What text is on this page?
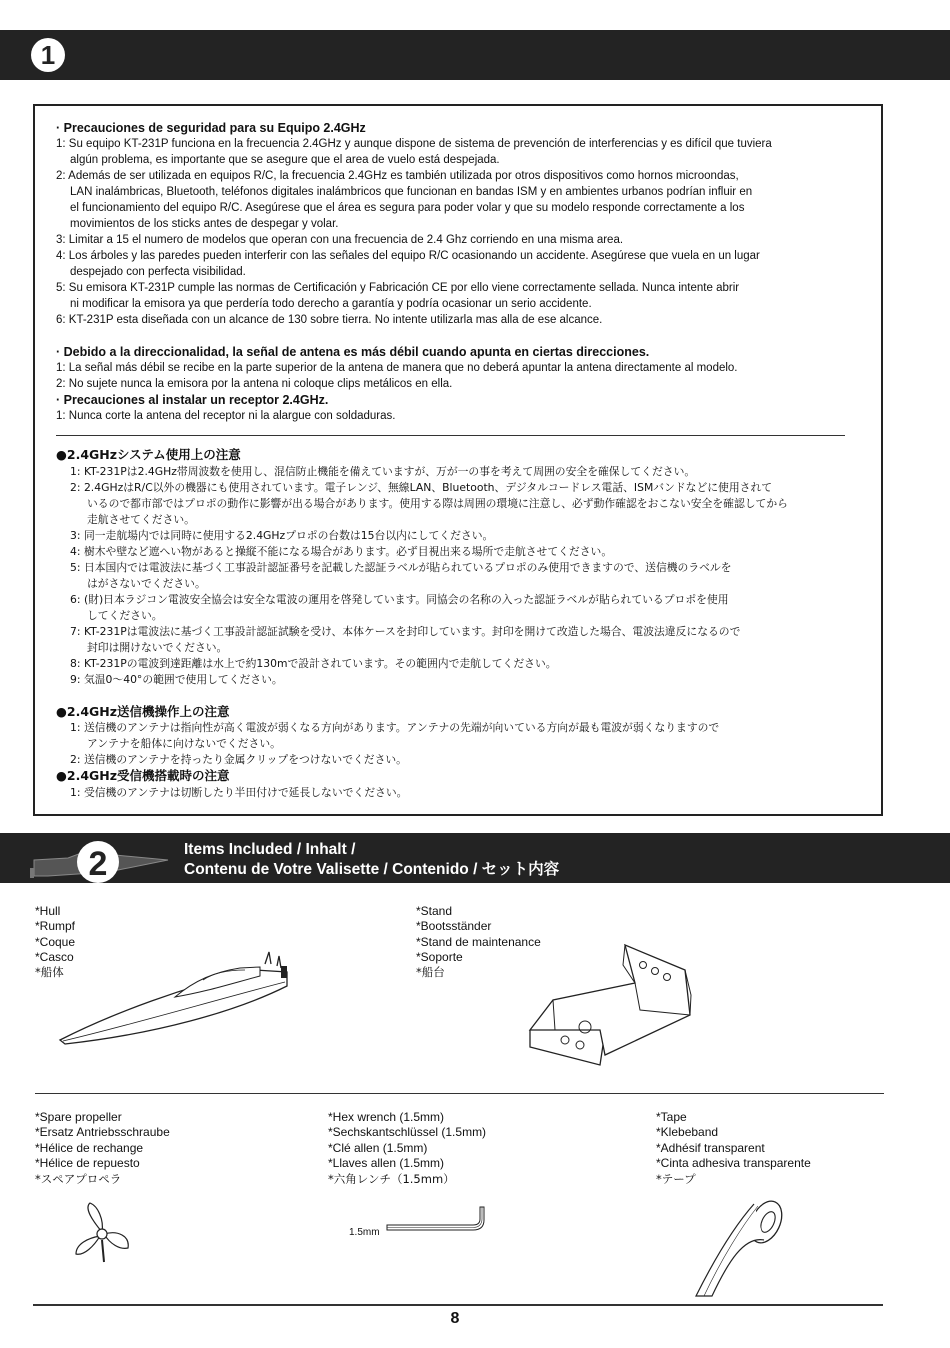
1
· Precauciones de seguridad para su Equipo 2.4GHz
1: Su equipo KT-231P funciona en la frecuencia 2.4GHz y aunque dispone de sistema de prevención de interferencias y es difícil que tuviera
algún problema, es importante que se asegure que el area de vuelo está despejada.
2: Además de ser utilizada en equipos R/C, la frecuencia 2.4GHz es también utilizada por otros dispositivos como hornos microondas,
LAN inalámbricas, Bluetooth, teléfonos digitales inalámbricos que funcionan en bandas ISM y en ambientes urbanos podrían influir en
el funcionamiento del equipo R/C. Asegúrese que el área es segura para poder volar y que su modelo responde correctamente a los
movimientos de los sticks antes de despegar y volar.
3: Limitar a 15 el numero de modelos que operan con una frecuencia de 2.4 Ghz corriendo en una misma area.
4: Los árboles y las paredes pueden interferir con las señales del equipo R/C ocasionando un accidente. Asegúrese que vuela en un lugar
despejado con perfecta visibilidad.
5: Su emisora KT-231P cumple las normas de Certificación y Fabricación CE por ello viene correctamente sellada. Nunca intente abrir
ni modificar la emisora ya que perdería todo derecho a garantía y podría ocasionar un serio accidente.
6: KT-231P esta diseñada con un alcance de 130 sobre tierra. No intente utilizarla mas alla de ese alcance.
· Debido a la direccionalidad, la señal de antena es más débil cuando apunta en ciertas direcciones.
1: La señal más débil se recibe en la parte superior de la antena de manera que no deberá apuntar la antena directamente al modelo.
2: No sujete nunca la emisora por la antena ni coloque clips metálicos en ella.
· Precauciones al instalar un receptor 2.4GHz.
1: Nunca corte la antena del receptor ni la alargue con soldaduras.
●2.4GHzシステム使用上の注意
1: KT-231Pは2.4GHz帯周波数を使用し、混信防止機能を備えていますが、万が一の事を考えて周囲の安全を確保してください。
2: 2.4GHzはR/C以外の機器にも使用されています。電子レンジ、無線LAN、Bluetooth、デジタルコードレス電話、ISMバンドなどに使用されて
いるので都市部ではプロポの動作に影響が出る場合があります。使用する際は周囲の環境に注意し、必ず動作確認をおこない安全を確認してから
走航させてください。
3: 同一走航場内では同時に使用する2.4GHzプロポの台数は15台以内にしてください。
4: 樹木や壁など遮へい物があると操縦不能になる場合があります。必ず目視出来る場所で走航させてください。
5: 日本国内では電波法に基づく工事設計認証番号を記載した認証ラベルが貼られているプロポのみ使用できますので、送信機のラベルを
はがさないでください。
6: (財)日本ラジコン電波安全協会は安全な電波の運用を啓発しています。同協会の名称の入った認証ラベルが貼られているプロポを使用
してください。
7: KT-231Pは電波法に基づく工事設計認証試験を受け、本体ケースを封印しています。封印を開けて改造した場合、電波法違反になるので
封印は開けないでください。
8: KT-231Pの電波到達距離は水上で約130mで設計されています。その範囲内で走航してください。
9: 気温0〜40°の範囲で使用してください。
●2.4GHz送信機操作上の注意
1: 送信機のアンテナは指向性が高く電波が弱くなる方向があります。アンテナの先端が向いている方向が最も電波が弱くなりますので
アンテナを船体に向けないでください。
2: 送信機のアンテナを持ったり金属クリップをつけないでください。
●2.4GHz受信機搭載時の注意
1: 受信機のアンテナは切断したり半田付けで延長しないでください。
2	Items Included / Inhalt /
Contenu de Votre Valisette / Contenido / セット内容
*Hull
*Rumpf
*Coque
*Casco
*船体
*Stand
*Bootsständer
*Stand de maintenance
*Soporte
*船台
*Spare propeller
*Ersatz Antriebsschraube
*Hélice de rechange
*Hélice de repuesto
*スペアプロペラ
*Hex wrench (1.5mm)
*Sechskantschlüssel (1.5mm)
*Clé allen (1.5mm)
*Llaves allen (1.5mm)
*六角レンチ（1.5mm）
1.5mm
*Tape
*Klebeband
*Adhésif transparent
*Cinta adhesiva transparente
*テープ
8
